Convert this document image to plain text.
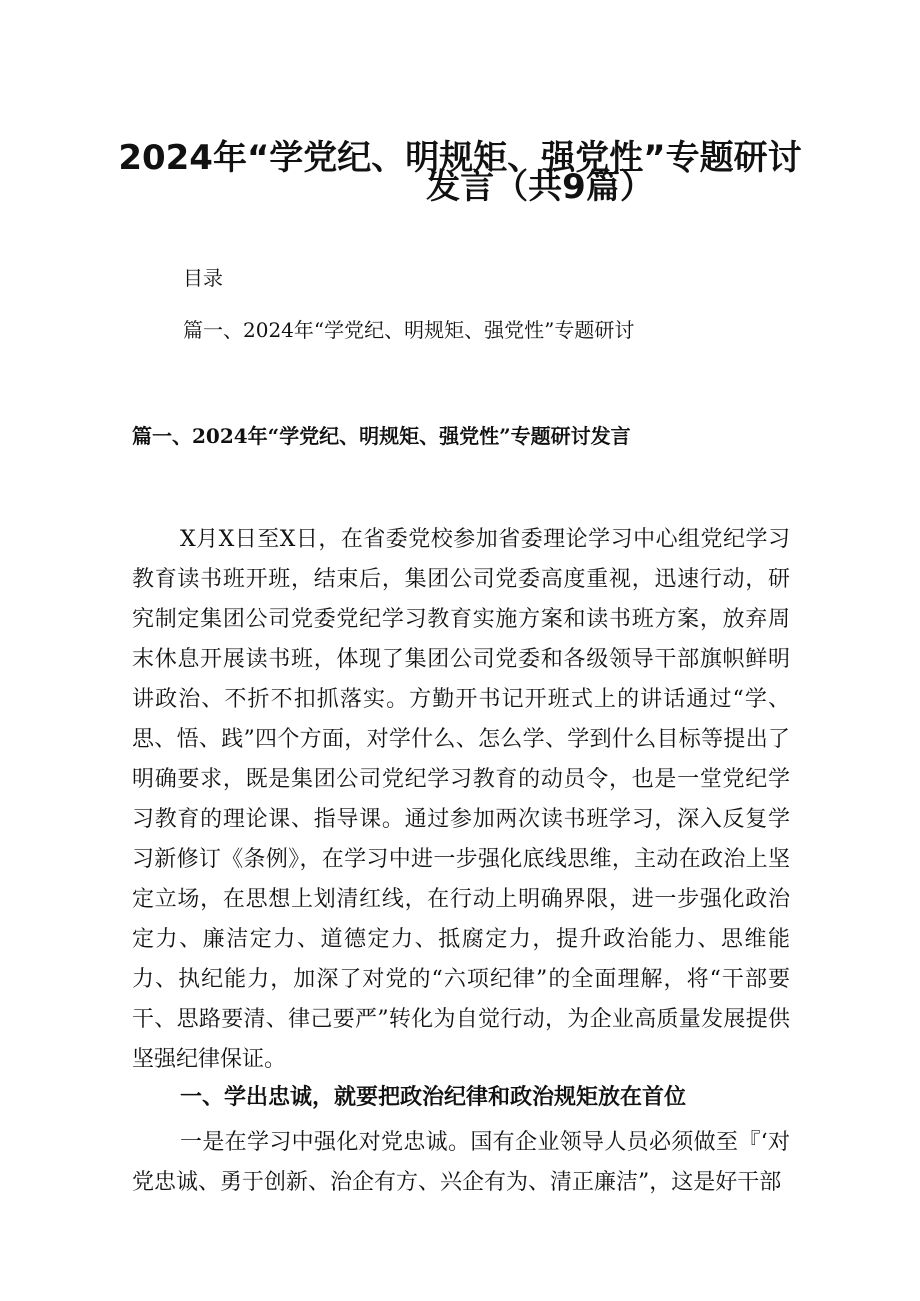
2024年“学党纪、明规矩、强党性”专题研讨
发言（共9篇）

目录

篇一、2024年“学党纪、明规矩、强党性”专题研讨

篇一、2024年“学党纪、明规矩、强党性”专题研讨发言

X月X日至X日，在省委党校参加省委理论学习中心组党纪学习教育读书班开班，结束后，集团公司党委高度重视，迅速行动，研究制定集团公司党委党纪学习教育实施方案和读书班方案，放弃周末休息开展读书班，体现了集团公司党委和各级领导干部旗帜鲜明讲政治、不折不扣抓落实。方勤开书记开班式上的讲话通过“学、思、悟、践”四个方面，对学什么、怎么学、学到什么目标等提出了明确要求，既是集团公司党纪学习教育的动员令，也是一堂党纪学习教育的理论课、指导课。通过参加两次读书班学习，深入反复学习新修订《条例》，在学习中进一步强化底线思维，主动在政治上坚定立场，在思想上划清红线，在行动上明确界限，进一步强化政治定力、廉洁定力、道德定力、抵腐定力，提升政治能力、思维能力、执纪能力，加深了对党的“六项纪律”的全面理解，将“干部要干、思路要清、律己要严”转化为自觉行动，为企业高质量发展提供坚强纪律保证。

一、学出忠诚，就要把政治纪律和政治规矩放在首位

一是在学习中强化对党忠诚。国有企业领导人员必须做至『‘对党忠诚、勇于创新、治企有方、兴企有为、清正廉洁”，这是好干部
